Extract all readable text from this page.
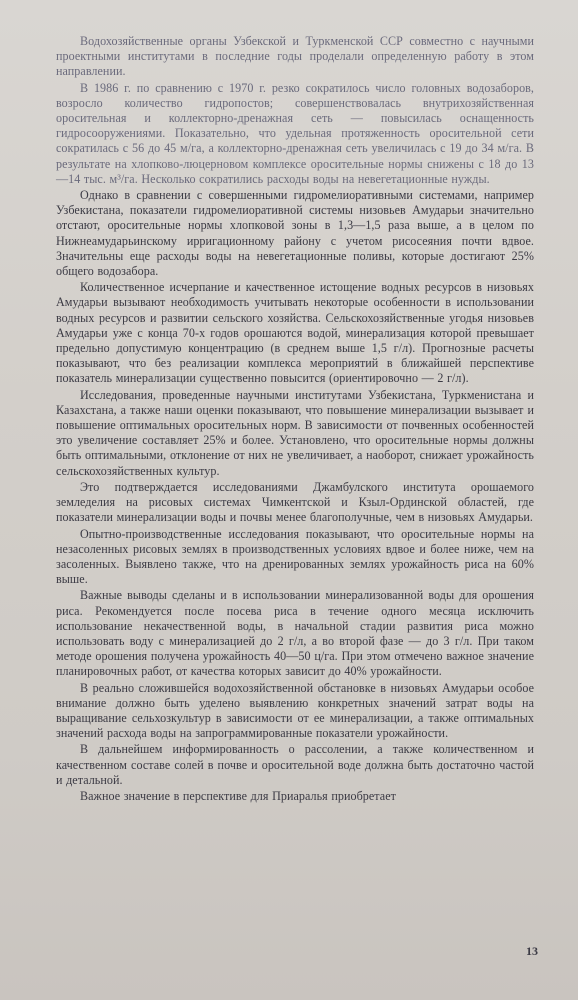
Водохозяйственные органы Узбекской и Туркменской ССР совместно с научными проектными институтами в последние годы проделали определенную работу в этом направлении.

В 1986 г. по сравнению с 1970 г. резко сократилось число головных водозаборов, возросло количество гидропостов; совершенствовалась внутрихозяйственная оросительная и коллекторно-дренажная сеть — повысилась оснащенность гидросооружениями. Показательно, что удельная протяженность оросительной сети сократилась с 56 до 45 м/га, а коллекторно-дренажная сеть увеличилась с 19 до 34 м/га. В результате на хлопково-люцерновом комплексе оросительные нормы снижены с 18 до 13—14 тыс. м³/га. Несколько сократились расходы воды на невегетационные нужды.

Однако в сравнении с совершенными гидромелиоративными системами, например Узбекистана, показатели гидромелиоративной системы низовьев Амударьи значительно отстают, оросительные нормы хлопковой зоны в 1,3—1,5 раза выше, а в целом по Нижнеамударьинскому ирригационному району с учетом рисосеяния почти вдвое. Значительны еще расходы воды на невегетационные поливы, которые достигают 25% общего водозабора.

Количественное исчерпание и качественное истощение водных ресурсов в низовьях Амударьи вызывают необходимость учитывать некоторые особенности в использовании водных ресурсов и развитии сельского хозяйства. Сельскохозяйственные угодья низовьев Амударьи уже с конца 70-х годов орошаются водой, минерализация которой превышает предельно допустимую концентрацию (в среднем выше 1,5 г/л). Прогнозные расчеты показывают, что без реализации комплекса мероприятий в ближайшей перспективе показатель минерализации существенно повысится (ориентировочно — 2 г/л).

Исследования, проведенные научными институтами Узбекистана, Туркменистана и Казахстана, а также наши оценки показывают, что повышение минерализации вызывает и повышение оптимальных оросительных норм. В зависимости от почвенных особенностей это увеличение составляет 25% и более. Установлено, что оросительные нормы должны быть оптимальными, отклонение от них не увеличивает, а наоборот, снижает урожайность сельскохозяйственных культур.

Это подтверждается исследованиями Джамбулского института орошаемого земледелия на рисовых системах Чимкентской и Кзыл-Ординской областей, где показатели минерализации воды и почвы менее благополучные, чем в низовьях Амударьи.

Опытно-производственные исследования показывают, что оросительные нормы на незасоленных рисовых землях в производственных условиях вдвое и более ниже, чем на засоленных. Выявлено также, что на дренированных землях урожайность риса на 60% выше.

Важные выводы сделаны и в использовании минерализованной воды для орошения риса. Рекомендуется после посева риса в течение одного месяца исключить использование некачественной воды, в начальной стадии развития риса можно использовать воду с минерализацией до 2 г/л, а во второй фазе — до 3 г/л. При таком методе орошения получена урожайность 40—50 ц/га. При этом отмечено важное значение планировочных работ, от качества которых зависит до 40% урожайности.

В реально сложившейся водохозяйственной обстановке в низовьях Амударьи особое внимание должно быть уделено выявлению конкретных значений затрат воды на выращивание сельхозкультур в зависимости от ее минерализации, а также оптимальных значений расхода воды на запрограммированные показатели урожайности.

В дальнейшем информированность о рассолении, а также количественном и качественном составе солей в почве и оросительной воде должна быть достаточно частой и детальной.

Важное значение в перспективе для Приаралья приобретает

13
